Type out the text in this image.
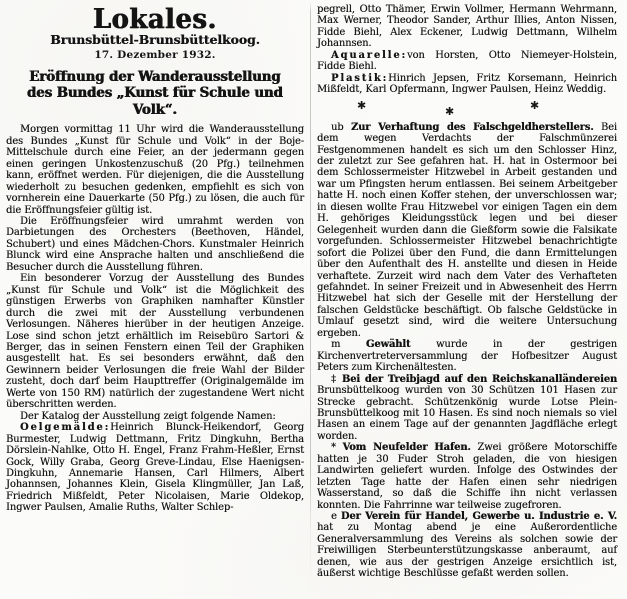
Lokales.
Brunsbüttel-Brunsbüttelkoog.
17. Dezember 1932.
Eröffnung der Wanderausstellung
des Bundes „Kunst für Schule und Volk“.

Morgen vormittag 11 Uhr wird die Wanderausstellung des Bundes „Kunst für Schule und Volk“ in der Boje-Mittelschule durch eine Feier, an der jedermann gegen einen geringen Unkostenzuschuß (20 Pfg.) teilnehmen kann, eröffnet werden. Für diejenigen, die die Ausstellung wiederholt zu besuchen gedenken, empfiehlt es sich von vornherein eine Dauerkarte (50 Pfg.) zu lösen, die auch für die Eröffnungsfeier gültig ist.

Die Eröffnungsfeier wird umrahmt werden von Darbietungen des Orchesters (Beethoven, Händel, Schubert) und eines Mädchen-Chors. Kunstmaler Heinrich Blunck wird eine Ansprache halten und anschließend die Besucher durch die Ausstellung führen.

Ein besonderer Vorzug der Ausstellung des Bundes „Kunst für Schule und Volk“ ist die Möglichkeit des günstigen Erwerbs von Graphiken namhafter Künstler durch die zwei mit der Ausstellung verbundenen Verlosungen. Näheres hierüber in der heutigen Anzeige. Lose sind schon jetzt erhältlich im Reisebüro Sartori & Berger, das in seinen Fenstern einen Teil der Graphiken ausgestellt hat. Es sei besonders erwähnt, daß den Gewinnern beider Verlosungen die freie Wahl der Bilder zusteht, doch darf beim Haupttreffer (Originalgemälde im Werte von 150 RM) natürlich der zugestandene Wert nicht überschritten werden.

Der Katalog der Ausstellung zeigt folgende Namen:

Oelgemälde:Heinrich Blunck-Heikendorf, Georg Burmester, Ludwig Dettmann, Fritz Dingkuhn, Bertha Dörslein-Nahlke, Otto H. Engel, Franz Frahm-Heßler, Ernst Gock, Willy Graba, Georg Greve-Lindau, Else Haenigsen-Dingkuhn, Annemarie Hansen, Carl Hilmers, Albert Johannsen, Johannes Klein, Gisela Klingmüller, Jan Laß, Friedrich Mißfeldt, Peter Nicolaisen, Marie Oldekop, Ingwer Paulsen, Amalie Ruths, Walter Schlep-

pegrell, Otto Thämer, Erwin Vollmer, Hermann Wehrmann, Max Werner, Theodor Sander, Arthur Illies, Anton Nissen, Fidde Biehl, Alex Eckener, Ludwig Dettmann, Wilhelm Johannsen.

Aquarelle:von Horsten, Otto Niemeyer-Holstein, Fidde Biehl.

Plastik:Hinrich Jepsen, Fritz Korsemann, Heinrich Mißfeldt, Karl Opfermann, Ingwer Paulsen, Heinz Weddig.

✱	✱	✱

ub Zur Verhaftung des Falschgeldherstellers. Bei dem wegen Verdachts der Falschmünzerei Festgenommenen handelt es sich um den Schlosser Hinz, der zuletzt zur See gefahren hat. H. hat in Ostermoor bei dem Schlossermeister Hitzwebel in Arbeit gestanden und war um Pfingsten herum entlassen. Bei seinem Arbeitgeber hatte H. noch einen Koffer stehen, der unverschlossen war; in diesen wollte Frau Hitzwebel vor einigen Tagen ein dem H. gehöriges Kleidungsstück legen und bei dieser Gelegenheit wurden dann die Gießform sowie die Falsikate vorgefunden. Schlossermeister Hitzwebel benachrichtigte sofort die Polizei über den Fund, die dann Ermittelungen über den Aufenthalt des H. anstellte und diesen in Heide verhaftete. Zurzeit wird nach dem Vater des Verhafteten gefahndet. In seiner Freizeit und in Abwesenheit des Herrn Hitzwebel hat sich der Geselle mit der Herstellung der falschen Geldstücke beschäftigt. Ob falsche Geldstücke in Umlauf gesetzt sind, wird die weitere Untersuchung ergeben.

m	Gewählt wurde in der gestrigen Kirchenvertreterversammlung der Hofbesitzer August Peters zum Kirchenältesten.

‡ Bei der Treibjagd auf den Reichskanalländereien Brunsbüttelkoog wurden von 30 Schützen 101 Hasen zur Strecke gebracht. Schützenkönig wurde Lotse Plein-Brunsbüttelkoog mit 10 Hasen. Es sind noch niemals so viel Hasen an einem Tage auf der genannten Jagdfläche erlegt worden.

* Vom Neufelder Hafen. Zwei größere Motorschiffe hatten je 30 Fuder Stroh geladen, die von hiesigen Landwirten geliefert wurden. Infolge des Ostwindes der letzten Tage hatte der Hafen einen sehr niedrigen Wasserstand, so daß die Schiffe ihn nicht verlassen konnten. Die Fahrrinne war teilweise zugefroren.

e Der Verein für Handel, Gewerbe u. Industrie e. V. hat zu Montag abend je eine Außerordentliche Generalversammlung des Vereins als solchen sowie der Freiwilligen Sterbeunterstützungskasse anberaumt, auf denen, wie aus der gestrigen Anzeige ersichtlich ist, äußerst wichtige Beschlüsse gefaßt werden sollen.
